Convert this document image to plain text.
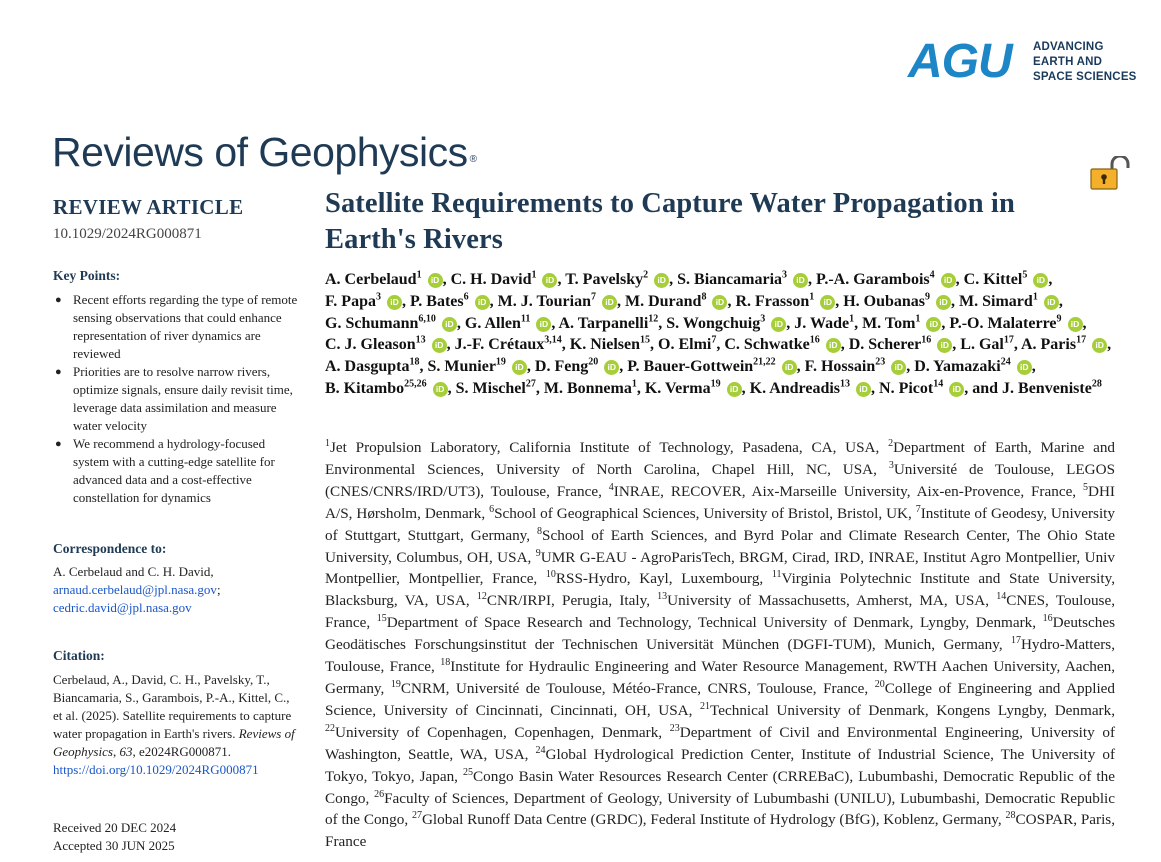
AGU ADVANCING
EARTH AND
SPACE SCIENCES
Reviews of Geophysics ®
REVIEW ARTICLE
10.1029/2024RG000871
Key Points:
● Recent efforts regarding the type of remote sensing observations that could enhance representation of river dynamics are reviewed
● Priorities are to resolve narrow rivers, optimize signals, ensure daily revisit time, leverage data assimilation and measure water velocity
● We recommend a hydrology-focused system with a cutting-edge satellite for advanced data and a cost-effective constellation for dynamics
Correspondence to:
A. Cerbelaud and C. H. David,
arnaud.cerbelaud@jpl.nasa.gov;
cedric.david@jpl.nasa.gov
Citation:
Cerbelaud, A., David, C. H., Pavelsky, T., Biancamaria, S., Garambois, P.-A., Kittel, C., et al. (2025). Satellite requirements to capture water propagation in Earth's rivers. Reviews of Geophysics, 63, e2024RG000871. https://doi.org/10.1029/2024RG000871
Received 20 DEC 2024
Accepted 30 JUN 2025
Satellite Requirements to Capture Water Propagation in Earth's Rivers
A. Cerbelaud$^1$ iD , C. H. David$^1$ iD , T. Pavelsky$^2$ iD , S. Biancamaria$^3$ iD , P.-A. Garambois$^4$ iD , C. Kittel$^5$ iD , F. Papa$^3$ iD , P. Bates$^6$ iD , M. J. Tourian$^7$ iD , M. Durand$^8$ iD , R. Frasson$^1$ iD , H. Oubanas$^9$ iD , M. Simard$^1$ iD , G. Schumann$^{6,10}$ iD , G. Allen$^{11}$ iD , A. Tarpanelli$^{12}$, S. Wongchuig$^3$ iD , J. Wade$^1$, M. Tom$^1$ iD , P.-O. Malaterre$^9$ iD , C. J. Gleason$^{13}$ iD , J.-F. Crétaux$^{3,14}$, K. Nielsen$^{15}$, O. Elmi$^7$, C. Schwatke$^{16}$ iD , D. Scherer$^{16}$ iD , L. Gal$^{17}$, A. Paris$^{17}$ iD , A. Dasgupta$^{18}$, S. Munier$^{19}$ iD , D. Feng$^{20}$ iD , P. Bauer-Gottwein$^{21,22}$ iD , F. Hossain$^{23}$ iD , D. Yamazaki$^{24}$ iD , B. Kitambo$^{25,26}$ iD , S. Mischel$^{27}$, M. Bonnema$^1$, K. Verma$^{19}$ iD , K. Andreadis$^{13}$ iD , N. Picot$^{14}$ iD , and J. Benveniste$^{28}$
$^1$Jet Propulsion Laboratory, California Institute of Technology, Pasadena, CA, USA, $^2$Department of Earth, Marine and Environmental Sciences, University of North Carolina, Chapel Hill, NC, USA, $^3$Université de Toulouse, LEGOS (CNES/CNRS/IRD/UT3), Toulouse, France, $^4$INRAE, RECOVER, Aix-Marseille University, Aix-en-Provence, France, $^5$DHI A/S, Hørsholm, Denmark, $^6$School of Geographical Sciences, University of Bristol, Bristol, UK, $^7$Institute of Geodesy, University of Stuttgart, Stuttgart, Germany, $^8$School of Earth Sciences, and Byrd Polar and Climate Research Center, The Ohio State University, Columbus, OH, USA, $^9$UMR G-EAU - AgroParisTech, BRGM, Cirad, IRD, INRAE, Institut Agro Montpellier, Univ Montpellier, Montpellier, France, $^{10}$RSS-Hydro, Kayl, Luxembourg, $^{11}$Virginia Polytechnic Institute and State University, Blacksburg, VA, USA, $^{12}$CNR/IRPI, Perugia, Italy, $^{13}$University of Massachusetts, Amherst, MA, USA, $^{14}$CNES, Toulouse, France, $^{15}$Department of Space Research and Technology, Technical University of Denmark, Lyngby, Denmark, $^{16}$Deutsches Geodätisches Forschungsinstitut der Technischen Universität München (DGFI-TUM), Munich, Germany, $^{17}$Hydro-Matters, Toulouse, France, $^{18}$Institute for Hydraulic Engineering and Water Resource Management, RWTH Aachen University, Aachen, Germany, $^{19}$CNRM, Université de Toulouse, Météo-France, CNRS, Toulouse, France, $^{20}$College of Engineering and Applied Science, University of Cincinnati, Cincinnati, OH, USA, $^{21}$Technical University of Denmark, Kongens Lyngby, Denmark, $^{22}$University of Copenhagen, Copenhagen, Denmark, $^{23}$Department of Civil and Environmental Engineering, University of Washington, Seattle, WA, USA, $^{24}$Global Hydrological Prediction Center, Institute of Industrial Science, The University of Tokyo, Tokyo, Japan, $^{25}$Congo Basin Water Resources Research Center (CRREBaC), Lubumbashi, Democratic Republic of the Congo, $^{26}$Faculty of Sciences, Department of Geology, University of Lubumbashi (UNILU), Lubumbashi, Democratic Republic of the Congo, $^{27}$Global Runoff Data Centre (GRDC), Federal Institute of Hydrology (BfG), Koblenz, Germany, $^{28}$COSPAR, Paris, France
